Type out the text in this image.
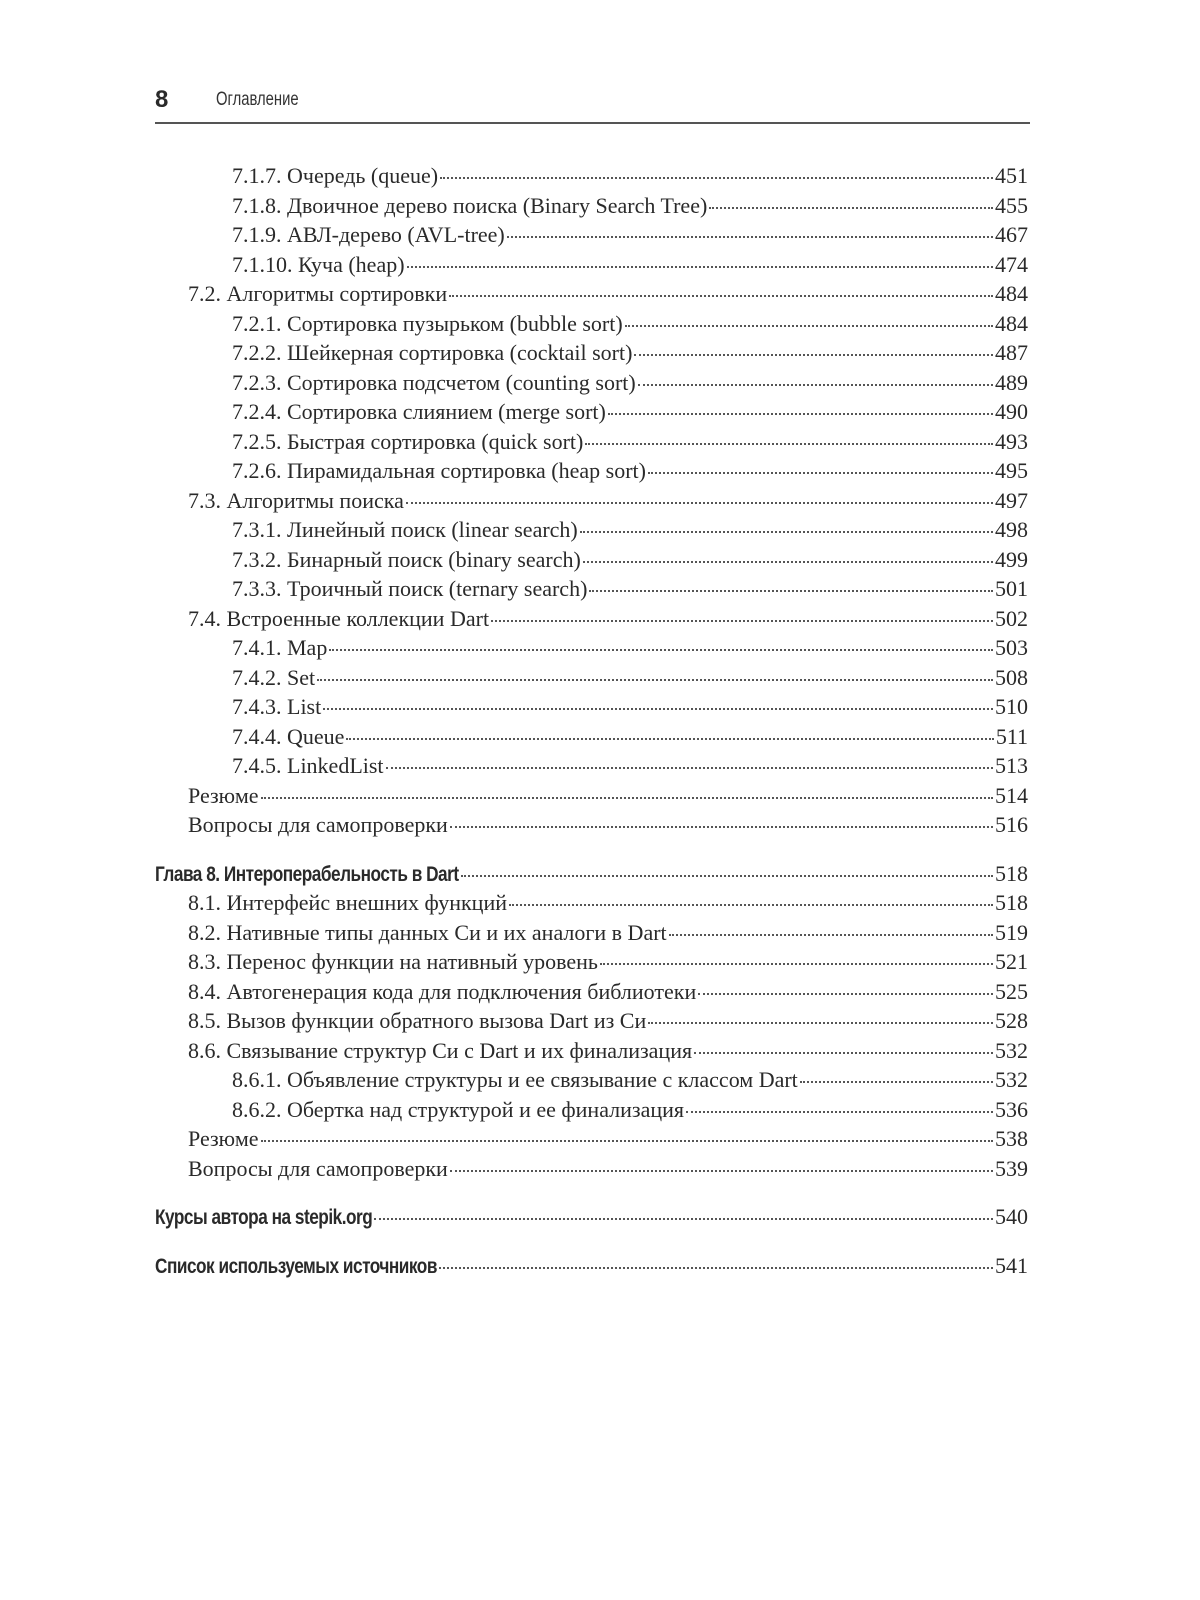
8	Оглавление
7.1.7. Очередь (queue)	451
7.1.8. Двоичное дерево поиска (Binary Search Tree)	455
7.1.9. АВЛ-дерево (AVL-tree)	467
7.1.10. Куча (heap)	474
7.2. Алгоритмы сортировки	484
7.2.1. Сортировка пузырьком (bubble sort)	484
7.2.2. Шейкерная сортировка (cocktail sort)	487
7.2.3. Сортировка подсчетом (counting sort)	489
7.2.4. Сортировка слиянием (merge sort)	490
7.2.5. Быстрая сортировка (quick sort)	493
7.2.6. Пирамидальная сортировка (heap sort)	495
7.3. Алгоритмы поиска	497
7.3.1. Линейный поиск (linear search)	498
7.3.2. Бинарный поиск (binary search)	499
7.3.3. Троичный поиск (ternary search)	501
7.4. Встроенные коллекции Dart	502
7.4.1. Map	503
7.4.2. Set	508
7.4.3. List	510
7.4.4. Queue	511
7.4.5. LinkedList	513
Резюме	514
Вопросы для самопроверки	516
Глава 8. Интероперабельность в Dart	518
8.1. Интерфейс внешних функций	518
8.2. Нативные типы данных Си и их аналоги в Dart	519
8.3. Перенос функции на нативный уровень	521
8.4. Автогенерация кода для подключения библиотеки	525
8.5. Вызов функции обратного вызова Dart из Си	528
8.6. Связывание структур Си с Dart и их финализация	532
8.6.1. Объявление структуры и ее связывание с классом Dart	532
8.6.2. Обертка над структурой и ее финализация	536
Резюме	538
Вопросы для самопроверки	539
Курсы автора на stepik.org	540
Список используемых источников	541
